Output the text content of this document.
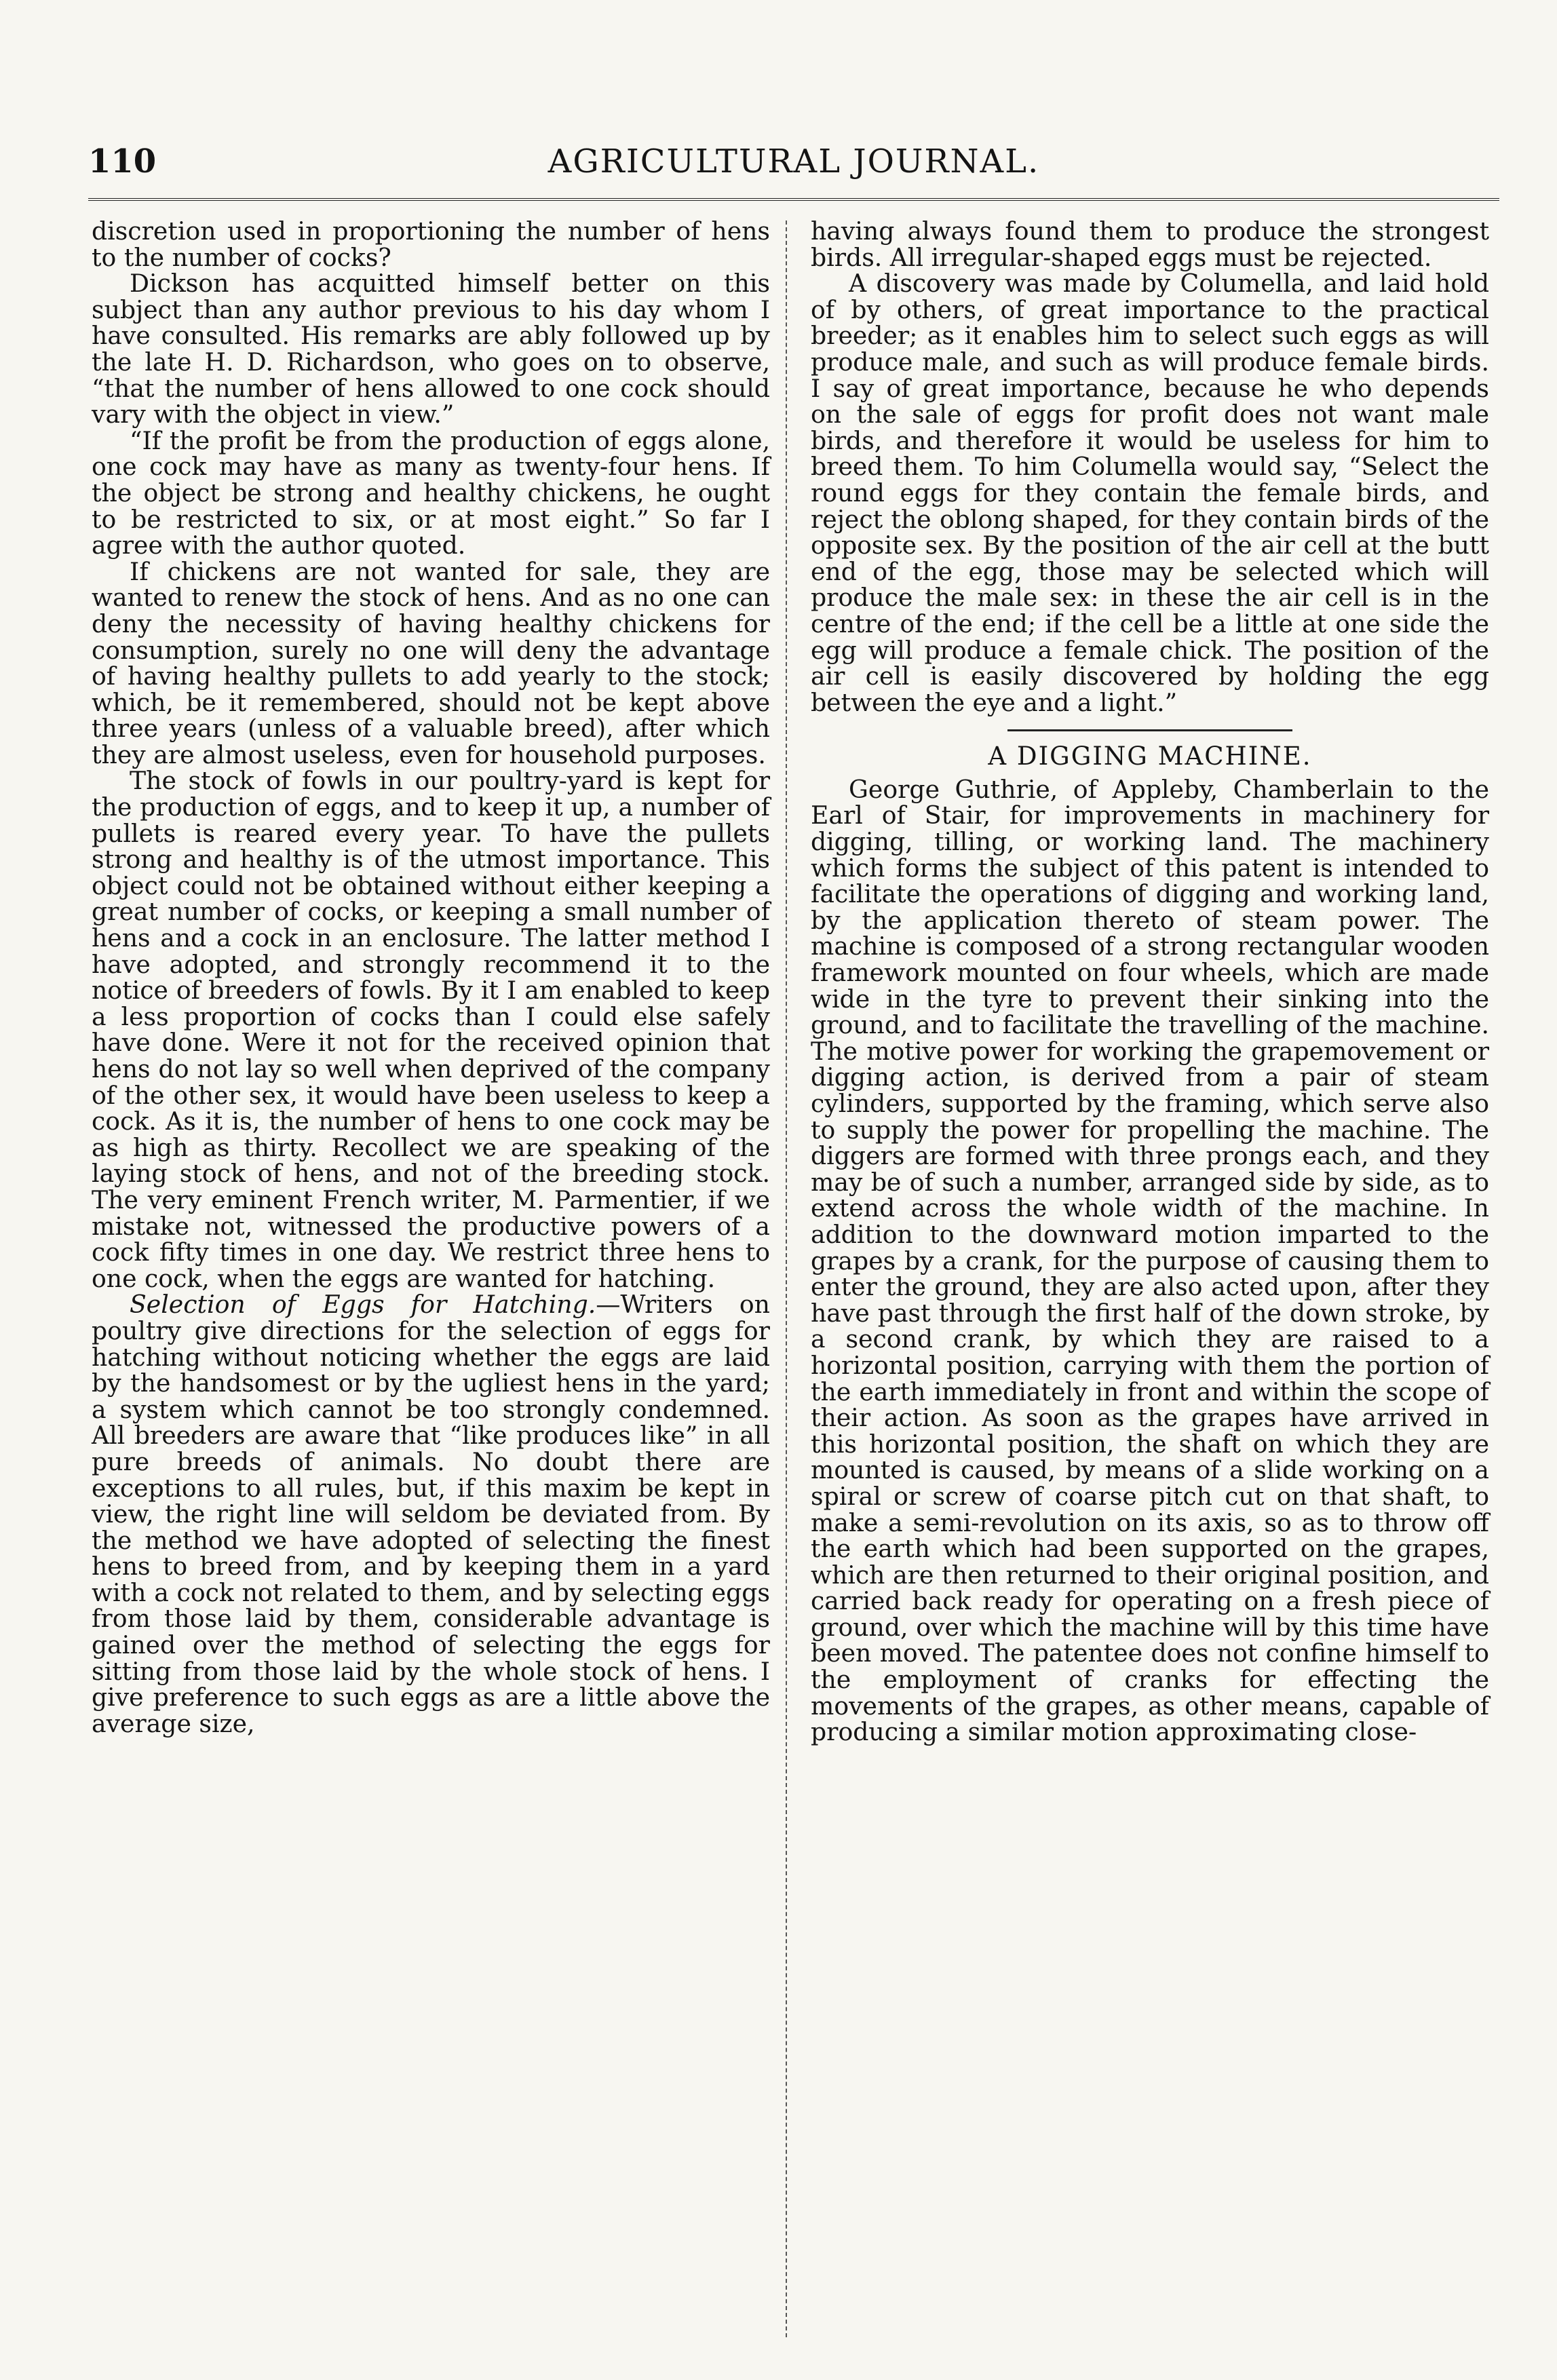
110	AGRICULTURAL JOURNAL.

discretion used in proportioning the number of hens to the number of cocks?

Dickson has acquitted himself better on this subject than any author previous to his day whom I have consulted. His remarks are ably followed up by the late H. D. Richardson, who goes on to observe, “that the number of hens allowed to one cock should vary with the object in view.”

“If the profit be from the production of eggs alone, one cock may have as many as twenty-four hens. If the object be strong and healthy chickens, he ought to be restricted to six, or at most eight.” So far I agree with the author quoted.

If chickens are not wanted for sale, they are wanted to renew the stock of hens. And as no one can deny the necessity of having healthy chickens for consumption, surely no one will deny the advantage of having healthy pullets to add yearly to the stock; which, be it remembered, should not be kept above three years (unless of a valuable breed), after which they are almost useless, even for household purposes.

The stock of fowls in our poultry-yard is kept for the production of eggs, and to keep it up, a number of pullets is reared every year. To have the pullets strong and healthy is of the utmost importance. This object could not be obtained without either keeping a great number of cocks, or keeping a small number of hens and a cock in an enclosure. The latter method I have adopted, and strongly recommend it to the notice of breeders of fowls. By it I am enabled to keep a less proportion of cocks than I could else safely have done. Were it not for the received opinion that hens do not lay so well when deprived of the company of the other sex, it would have been useless to keep a cock. As it is, the number of hens to one cock may be as high as thirty. Recollect we are speaking of the laying stock of hens, and not of the breeding stock. The very eminent French writer, M. Parmentier, if we mistake not, witnessed the productive powers of a cock fifty times in one day. We restrict three hens to one cock, when the eggs are wanted for hatching.

Selection of Eggs for Hatching.—Writers on poultry give directions for the selection of eggs for hatching without noticing whether the eggs are laid by the handsomest or by the ugliest hens in the yard; a system which cannot be too strongly condemned. All breeders are aware that “like produces like” in all pure breeds of animals. No doubt there are exceptions to all rules, but, if this maxim be kept in view, the right line will seldom be deviated from. By the method we have adopted of selecting the finest hens to breed from, and by keeping them in a yard with a cock not related to them, and by selecting eggs from those laid by them, considerable advantage is gained over the method of selecting the eggs for sitting from those laid by the whole stock of hens. I give preference to such eggs as are a little above the average size,

having always found them to produce the strongest birds. All irregular-shaped eggs must be rejected.

A discovery was made by Columella, and laid hold of by others, of great importance to the practical breeder; as it enables him to select such eggs as will produce male, and such as will produce female birds. I say of great importance, because he who depends on the sale of eggs for profit does not want male birds, and therefore it would be useless for him to breed them. To him Columella would say, “Select the round eggs for they contain the female birds, and reject the oblong shaped, for they contain birds of the opposite sex. By the position of the air cell at the butt end of the egg, those may be selected which will produce the male sex: in these the air cell is in the centre of the end; if the cell be a little at one side the egg will produce a female chick. The position of the air cell is easily discovered by holding the egg between the eye and a light.”

A DIGGING MACHINE.

George Guthrie, of Appleby, Chamberlain to the Earl of Stair, for improvements in machinery for digging, tilling, or working land. The machinery which forms the subject of this patent is intended to facilitate the operations of digging and working land, by the application thereto of steam power. The machine is composed of a strong rectangular wooden framework mounted on four wheels, which are made wide in the tyre to prevent their sinking into the ground, and to facilitate the travelling of the machine. The motive power for working the grapemovement or digging action, is derived from a pair of steam cylinders, supported by the framing, which serve also to supply the power for propelling the machine. The diggers are formed with three prongs each, and they may be of such a number, arranged side by side, as to extend across the whole width of the machine. In addition to the downward motion imparted to the grapes by a crank, for the purpose of causing them to enter the ground, they are also acted upon, after they have past through the first half of the down stroke, by a second crank, by which they are raised to a horizontal position, carrying with them the portion of the earth immediately in front and within the scope of their action. As soon as the grapes have arrived in this horizontal position, the shaft on which they are mounted is caused, by means of a slide working on a spiral or screw of coarse pitch cut on that shaft, to make a semi-revolution on its axis, so as to throw off the earth which had been supported on the grapes, which are then returned to their original position, and carried back ready for operating on a fresh piece of ground, over which the machine will by this time have been moved. The patentee does not confine himself to the employment of cranks for effecting the movements of the grapes, as other means, capable of producing a similar motion approximating close-
